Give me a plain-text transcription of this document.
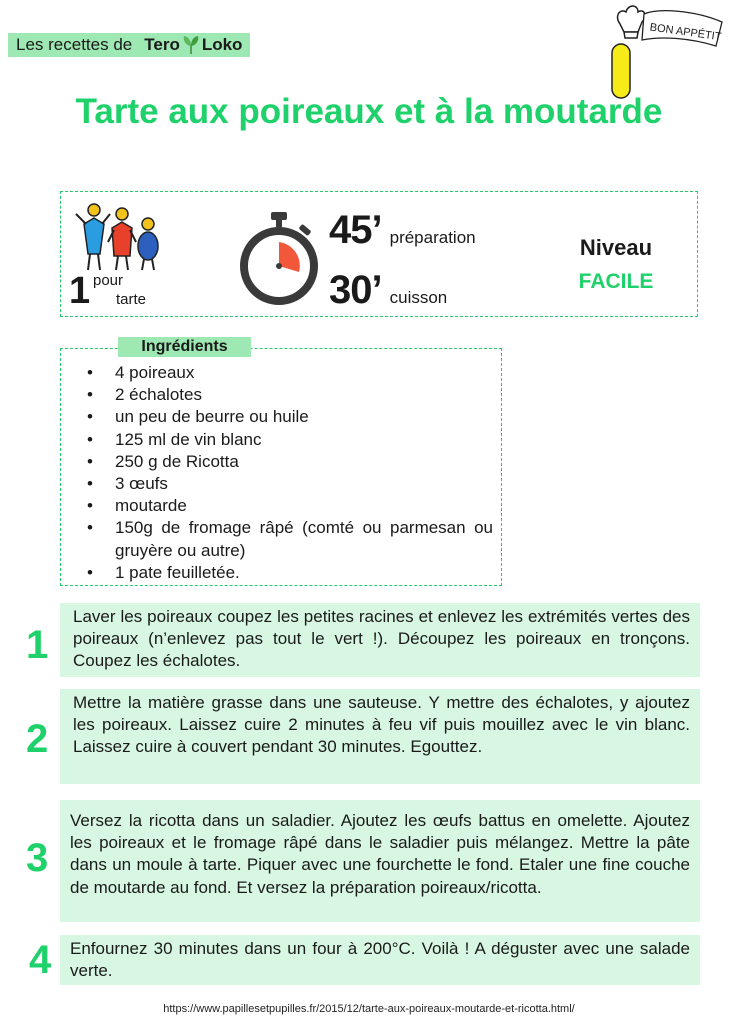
Les recettes de Tero Loko
BON APPÉTIT
Tarte aux poireaux et à la moutarde
1 pour
tarte
45’ préparation
30’ cuisson
Niveau
FACILE
• 4 poireaux
• 2 échalotes
• un peu de beurre ou huile
• 125 ml de vin blanc
• 250 g de Ricotta
• 3 œufs
• moutarde
• 150g de fromage râpé (comté ou parmesan ou gruyère ou autre)
• 1 pate feuilletée.
Ingrédients
1
Laver les poireaux coupez les petites racines et enlevez les extrémités vertes des poireaux (n’enlevez pas tout le vert !). Découpez les poireaux en tronçons. Coupez les échalotes.
2
Mettre la matière grasse dans une sauteuse. Y mettre des échalotes, y ajoutez les poireaux. Laissez cuire 2 minutes à feu vif puis mouillez avec le vin blanc. Laissez cuire à couvert pendant 30 minutes. Egouttez.
3
Versez la ricotta dans un saladier. Ajoutez les œufs battus en omelette. Ajoutez les poireaux et le fromage râpé dans le saladier puis mélangez. Mettre la pâte dans un moule à tarte. Piquer avec une fourchette le fond. Etaler une fine couche de moutarde au fond. Et versez la préparation poireaux/ricotta.
4 Enfournez 30 minutes dans un four à 200°C. Voilà ! A déguster avec une salade verte.
https://www.papillesetpupilles.fr/2015/12/tarte-aux-poireaux-moutarde-et-ricotta.html/
